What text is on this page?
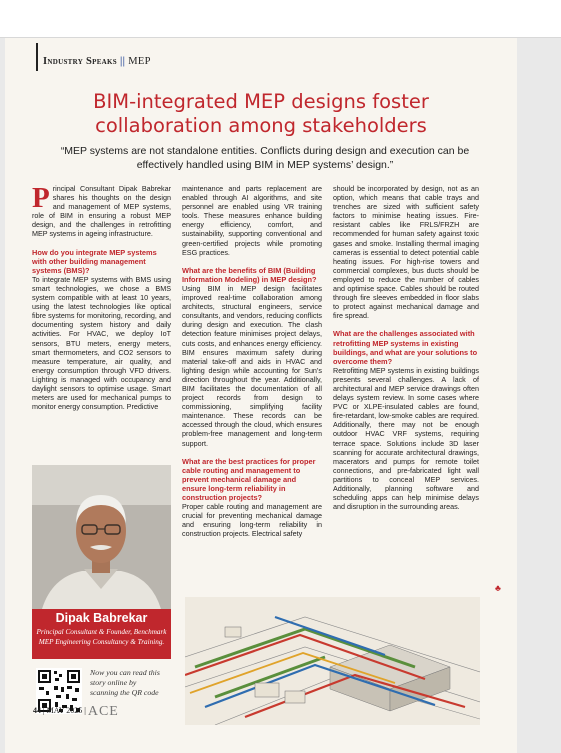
Industry Speaks || MEP
BIM-integrated MEP designs foster
collaboration among stakeholders
“MEP systems are not standalone entities. Conflicts during design and execution can be effectively handled using BIM in MEP systems’ design.”

Principal Consultant Dipak Babrekar shares his thoughts on the design and management of MEP systems, role of BIM in ensuring a robust MEP design, and the challenges in retrofitting MEP systems in ageing infrastructure.

How do you integrate MEP systems with other building management systems (BMS)?

To integrate MEP systems with BMS using smart technologies, we chose a BMS system compatible with at least 10 years, using the latest technologies like optical fibre systems for monitoring, recording, and documenting system history and daily activities. For HVAC, we deploy IoT sensors, BTU meters, energy meters, smart thermometers, and CO2 sensors to measure temperature, air quality, and energy consumption through VFD drivers. Lighting is managed with occupancy and daylight sensors to optimise usage. Smart meters are used for mechanical pumps to monitor energy consumption. Predictive

Dipak Babrekar
Principal Consultant & Founder, Benchmark MEP Engineering Consultancy & Training.
Now you can read this story online by scanning the QR code

maintenance and parts replacement are enabled through AI algorithms, and site personnel are enabled using VR training tools. These measures enhance building energy efficiency, comfort, and sustainability, supporting conventional and green-certified projects while promoting ESG practices.

What are the benefits of BIM (Building Information Modeling) in MEP design?

Using BIM in MEP design facilitates improved real-time collaboration among architects, structural engineers, service consultants, and vendors, reducing conflicts during design and execution. The clash detection feature minimises project delays, cuts costs, and enhances energy efficiency. BIM ensures maximum safety during material take-off and aids in HVAC and lighting design while accounting for Sun’s direction throughout the year. Additionally, BIM facilitates the documentation of all project records from design to commissioning, simplifying facility maintenance. These records can be accessed through the cloud, which ensures problem-free management and long-term support.

What are the best practices for proper cable routing and management to prevent mechanical damage and ensure long-term reliability in construction projects?

Proper cable routing and management are crucial for preventing mechanical damage and ensuring long-term reliability in construction projects. Electrical safety

should be incorporated by design, not as an option, which means that cable trays and trenches are sized with sufficient safety factors to minimise heating issues. Fire-resistant cables like FRLS/FRZH are recommended for human safety against toxic gases and smoke. Installing thermal imaging cameras is essential to detect potential cable heating issues. For high-rise towers and commercial complexes, bus ducts should be employed to reduce the number of cables and optimise space. Cables should be routed through fire sleeves embedded in floor slabs to protect against mechanical damage and fire spread.

What are the challenges associated with retrofitting MEP systems in existing buildings, and what are your solutions to overcome them?

Retrofitting MEP systems in existing buildings presents several challenges. A lack of architectural and MEP service drawings often delays system review. In some cases where PVC or XLPE-insulated cables are found, fire-retardant, low-smoke cables are required. Additionally, there may not be enough outdoor HVAC VRF systems, requiring terrace space. Solutions include 3D laser scanning for accurate architectural drawings, macerators and pumps for remote toilet connections, and pre-fabricated light wall partitions to conceal MEP services. Additionally, planning software and scheduling apps can help minimise delays and disruption in the surrounding areas.

♣
44 | MAY 2025 | ACE
